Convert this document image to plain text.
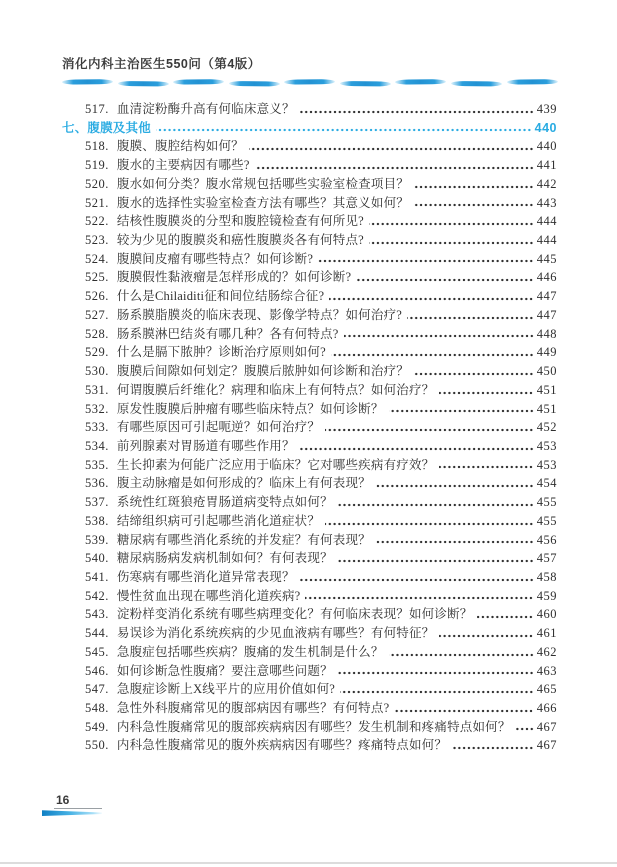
消化内科主治医生550问（第4版）
517. 血清淀粉酶升高有何临床意义？	439
七、腹膜及其他	440
518. 腹膜、腹腔结构如何？	440
519. 腹水的主要病因有哪些?	441
520. 腹水如何分类？腹水常规包括哪些实验室检查项目？	442
521. 腹水的选择性实验室检查方法有哪些？其意义如何？	443
522. 结核性腹膜炎的分型和腹腔镜检查有何所见?	444
523. 较为少见的腹膜炎和癌性腹膜炎各有何特点?	444
524. 腹膜间皮瘤有哪些特点？如何诊断?	445
525. 腹膜假性黏液瘤是怎样形成的？如何诊断?	446
526. 什么是Chilaiditi征和间位结肠综合征?	447
527. 肠系膜脂膜炎的临床表现、影像学特点？如何治疗?	447
528. 肠系膜淋巴结炎有哪几种？各有何特点?	448
529. 什么是膈下脓肿？诊断治疗原则如何?	449
530. 腹膜后间隙如何划定？腹膜后脓肿如何诊断和治疗？	450
531. 何谓腹膜后纤维化？病理和临床上有何特点？如何治疗？	451
532. 原发性腹膜后肿瘤有哪些临床特点？如何诊断？	451
533. 有哪些原因可引起呃逆？如何治疗？	452
534. 前列腺素对胃肠道有哪些作用？	453
535. 生长抑素为何能广泛应用于临床？它对哪些疾病有疗效？	453
536. 腹主动脉瘤是如何形成的？临床上有何表现？	454
537. 系统性红斑狼疮胃肠道病变特点如何？	455
538. 结缔组织病可引起哪些消化道症状？	455
539. 糖尿病有哪些消化系统的并发症？有何表现？	456
540. 糖尿病肠病发病机制如何？有何表现？	457
541. 伤寒病有哪些消化道异常表现？	458
542. 慢性贫血出现在哪些消化道疾病?	459
543. 淀粉样变消化系统有哪些病理变化？有何临床表现？如何诊断？	460
544. 易误诊为消化系统疾病的少见血液病有哪些？有何特征？	461
545. 急腹症包括哪些疾病？腹痛的发生机制是什么？	462
546. 如何诊断急性腹痛？要注意哪些问题？	463
547. 急腹症诊断上X线平片的应用价值如何?	465
548. 急性外科腹痛常见的腹部病因有哪些？有何特点?	466
549. 内科急性腹痛常见的腹部疾病病因有哪些？发生机制和疼痛特点如何？ 467
550. 内科急性腹痛常见的腹外疾病病因有哪些？疼痛特点如何？	467
16
